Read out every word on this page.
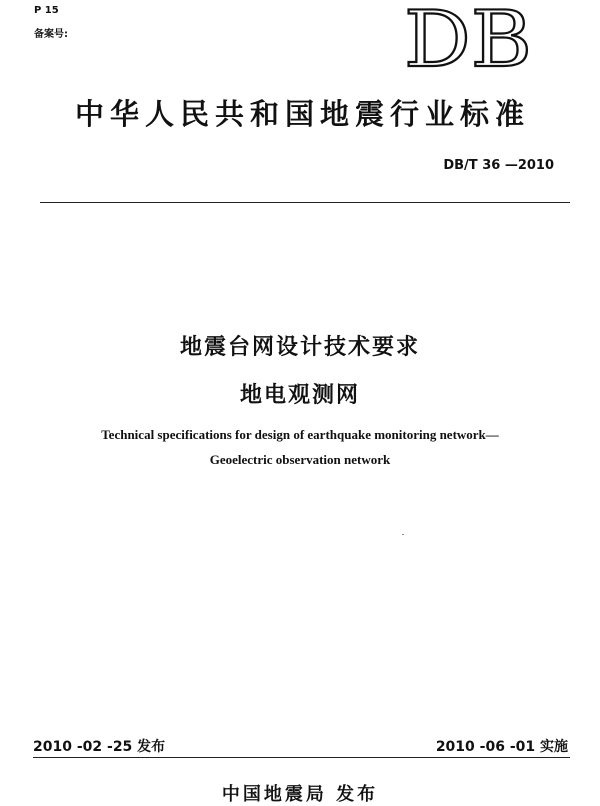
P 15
备案号:	DB
中华人民共和国地震行业标准
DB/T 36 —2010
地震台网设计技术要求
地电观测网
Technical specifications for design of earthquake monitoring network—
Geoelectric observation network
2010 -02 -25 发布	2010 -06 -01 实施
中国地震局 发布
